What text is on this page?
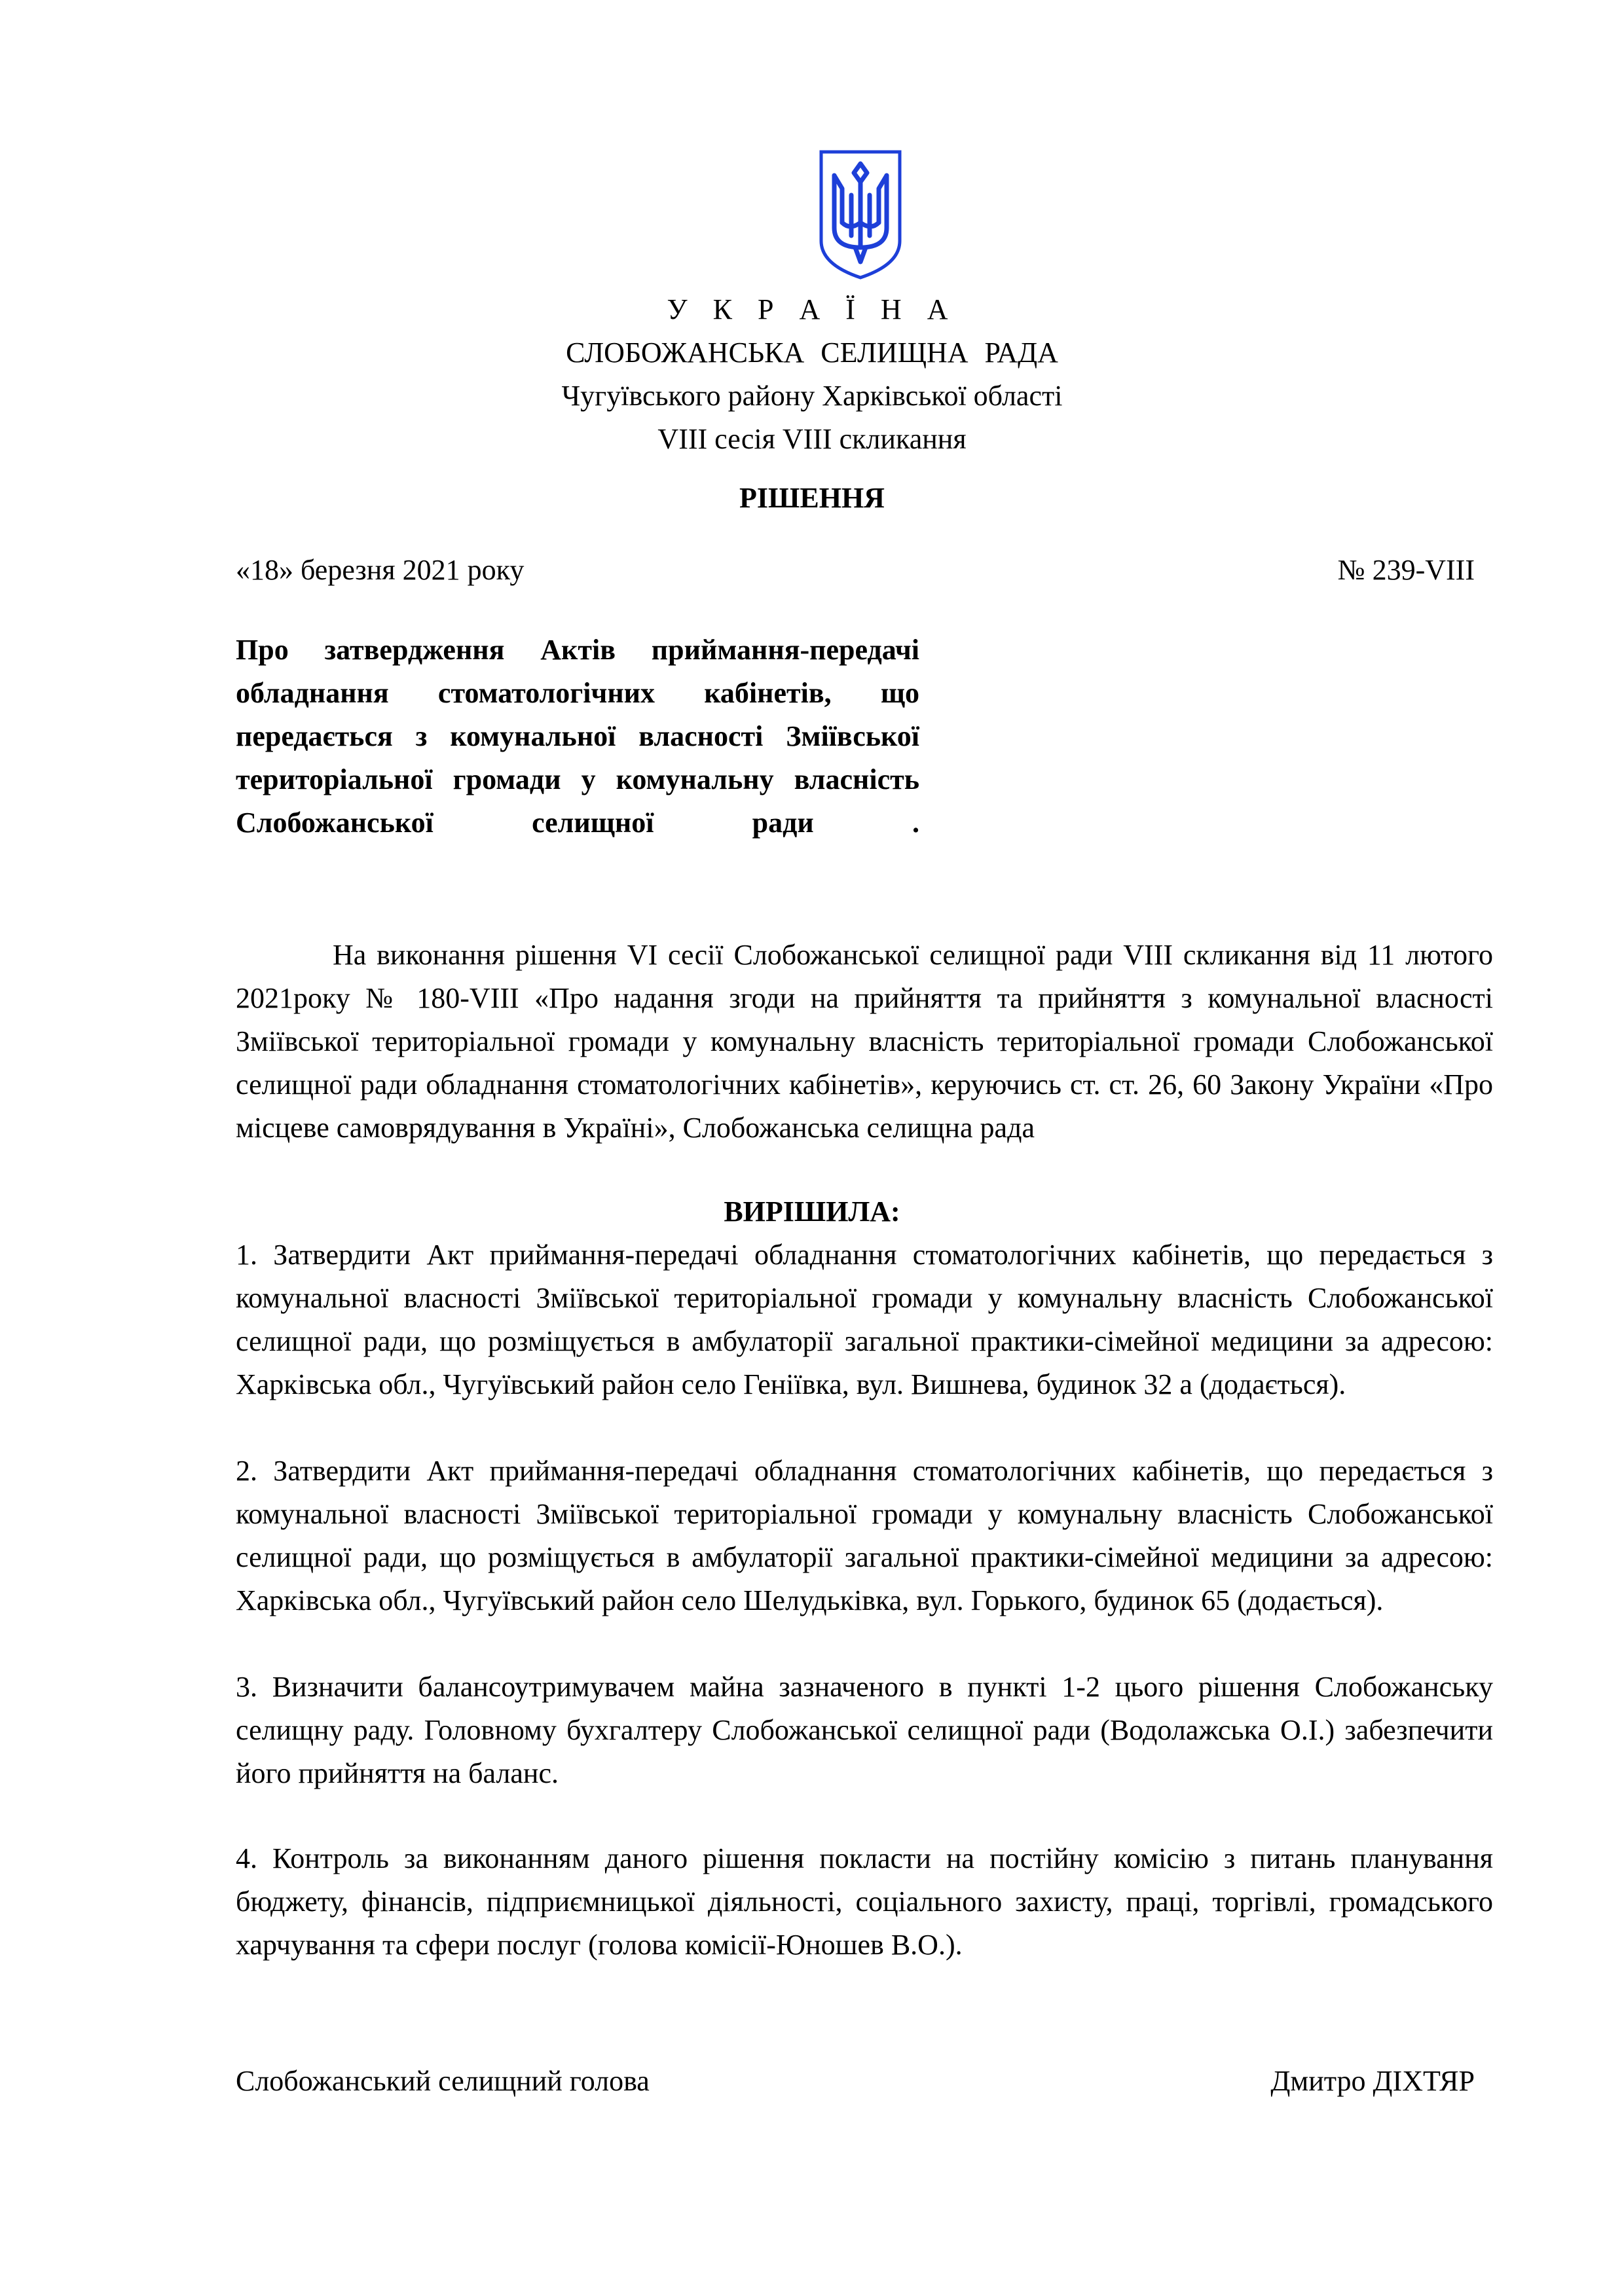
У К Р А Ї Н А
СЛОБОЖАНСЬКА СЕЛИЩНА РАДА
Чугуївського району Харківської області
VIII сесія VIII скликання
РІШЕННЯ
«18» березня 2021 року	№ 239-VIII
Про затвердження Актів приймання-передачі обладнання стоматологічних кабінетів, що передається з комунальної власності Зміївської територіальної громади у комунальну власність Слобожанської селищної ради .
На виконання рішення VI сесії Слобожанської селищної ради VIII скликання від 11 лютого 2021року № 180-VIII «Про надання згоди на прийняття та прийняття з комунальної власності Зміївської територіальної громади у комунальну власність територіальної громади Слобожанської селищної ради обладнання стоматологічних кабінетів», керуючись ст. ст. 26, 60 Закону України «Про місцеве самоврядування в Україні», Слобожанська селищна рада
ВИРІШИЛА:
1. Затвердити Акт приймання-передачі обладнання стоматологічних кабінетів, що передається з комунальної власності Зміївської територіальної громади у комунальну власність Слобожанської селищної ради, що розміщується в амбулаторії загальної практики-сімейної медицини за адресою: Харківська обл., Чугуївський район село Геніївка, вул. Вишнева, будинок 32 а (додається).
2. Затвердити Акт приймання-передачі обладнання стоматологічних кабінетів, що передається з комунальної власності Зміївської територіальної громади у комунальну власність Слобожанської селищної ради, що розміщується в амбулаторії загальної практики-сімейної медицини за адресою: Харківська обл., Чугуївський район село Шелудьківка, вул. Горького, будинок 65 (додається).
3. Визначити балансоутримувачем майна зазначеного в пункті 1-2 цього рішення Слобожанську селищну раду. Головному бухгалтеру Слобожанської селищної ради (Водолажська О.І.) забезпечити його прийняття на баланс.
4. Контроль за виконанням даного рішення покласти на постійну комісію з питань планування бюджету, фінансів, підприємницької діяльності, соціального захисту, праці, торгівлі, громадського харчування та сфери послуг (голова комісії-Юношев В.О.).
Слобожанський селищний голова	Дмитро ДІХТЯР
